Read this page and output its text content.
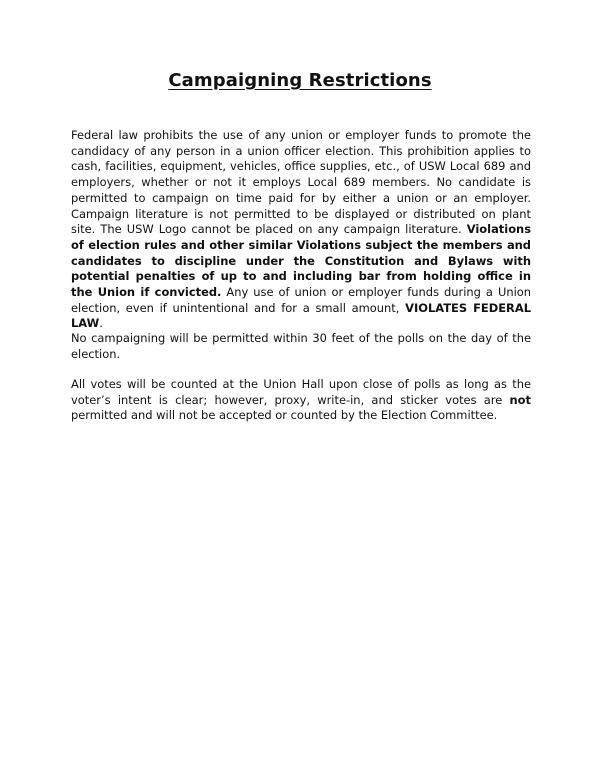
Campaigning Restrictions

Federal law prohibits the use of any union or employer funds to promote the candidacy of any person in a union officer election. This prohibition applies to cash, facilities, equipment, vehicles, office supplies, etc., of USW Local 689 and employers, whether or not it employs Local 689 members. No candidate is permitted to campaign on time paid for by either a union or an employer. Campaign literature is not permitted to be displayed or distributed on plant site. The USW Logo cannot be placed on any campaign literature. Violations of election rules and other similar Violations subject the members and candidates to discipline under the Constitution and Bylaws with potential penalties of up to and including bar from holding office in the Union if convicted. Any use of union or employer funds during a Union election, even if unintentional and for a small amount, VIOLATES FEDERAL LAW.

No campaigning will be permitted within 30 feet of the polls on the day of the election.

All votes will be counted at the Union Hall upon close of polls as long as the voter’s intent is clear; however, proxy, write-in, and sticker votes are not permitted and will not be accepted or counted by the Election Committee.
